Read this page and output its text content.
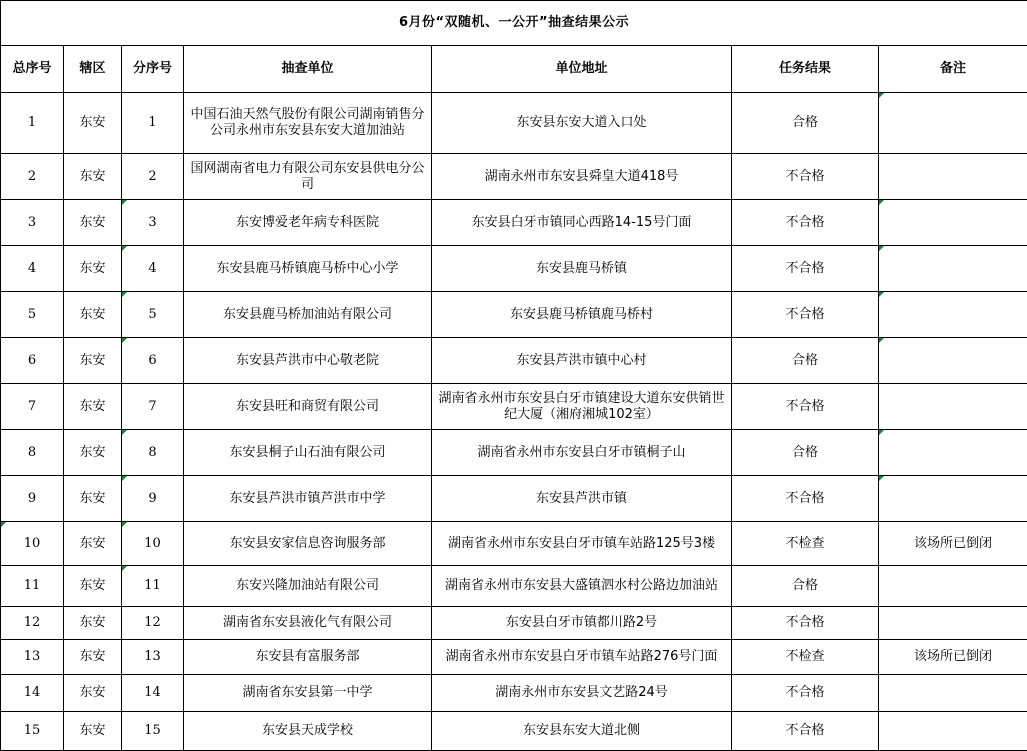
6月份“双随机、一公开”抽查结果公示						
总序号	辖区	分序号	抽查单位	单位地址	任务结果	备注
1	东安	1	中国石油天然气股份有限公司湖南销售分公司永州市东安县东安大道加油站	东安县东安大道入口处	合格	
2	东安	2	国网湖南省电力有限公司东安县供电分公司	湖南永州市东安县舜皇大道418号	不合格	
3	东安	3	东安博爱老年病专科医院	东安县白牙市镇同心西路14-15号门面	不合格	
4	东安	4	东安县鹿马桥镇鹿马桥中心小学	东安县鹿马桥镇	不合格	
5	东安	5	东安县鹿马桥加油站有限公司	东安县鹿马桥镇鹿马桥村	不合格	
6	东安	6	东安县芦洪市中心敬老院	东安县芦洪市镇中心村	合格	
7	东安	7	东安县旺和商贸有限公司	湖南省永州市东安县白牙市镇建设大道东安供销世纪大厦（湘府湘城102室）	不合格	
8	东安	8	东安县桐子山石油有限公司	湖南省永州市东安县白牙市镇桐子山	合格	
9	东安	9	东安县芦洪市镇芦洪市中学	东安县芦洪市镇	不合格	
10	东安	10	东安县安家信息咨询服务部	湖南省永州市东安县白牙市镇车站路125号3楼	不检查	该场所已倒闭
11	东安	11	东安兴隆加油站有限公司	湖南省永州市东安县大盛镇泗水村公路边加油站	合格	
12	东安	12	湖南省东安县液化气有限公司	东安县白牙市镇都川路2号	不合格	
13	东安	13	东安县有富服务部	湖南省永州市东安县白牙市镇车站路276号门面	不检查	该场所已倒闭
14	东安	14	湖南省东安县第一中学	湖南永州市东安县文艺路24号	不合格	
15	东安	15	东安县天成学校	东安县东安大道北侧	不合格	
